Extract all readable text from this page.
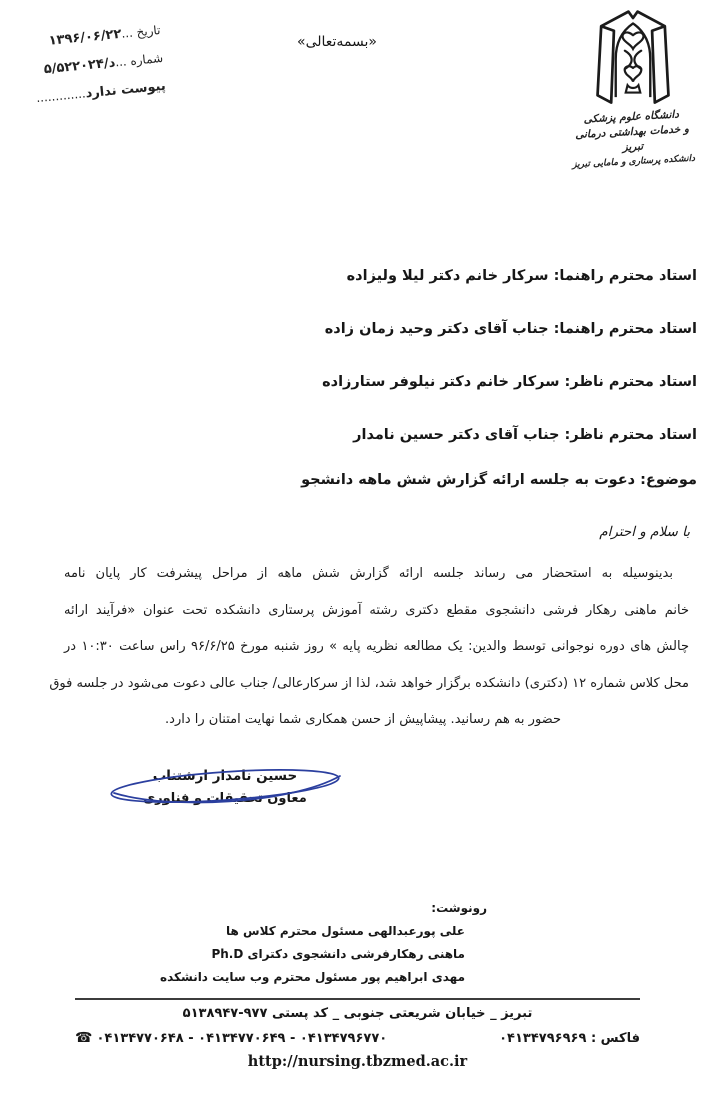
تاریخ ...۱۳۹۶/۰۶/۲۲
شماره ...۵/د/۵۲۲۰۲۴
پیوست ندارد.............
«بسمه‌تعالی»
دانشگاه علوم پزشکی
و خدمات بهداشتی درمانی تبریز
دانشکده پرستاری و مامایی تبریز
استاد محترم راهنما: سرکار خانم دکتر لیلا ولیزاده
استاد محترم راهنما: جناب آقای دکتر وحید زمان زاده
استاد محترم ناظر: سرکار خانم دکتر نیلوفر ستارزاده
استاد محترم ناظر: جناب آقای دکتر حسین نامدار
موضوع: دعوت به جلسه ارائه گزارش شش ماهه دانشجو
با سلام و احترام
بدینوسیله به استحضار می رساند جلسه ارائه گزارش شش ماهه از مراحل پیشرفت کار پایان نامه
خانم ماهنی رهکار فرشی دانشجوی مقطع دکتری رشته آموزش پرستاری دانشکده تحت عنوان «فرآیند ارائه
چالش های دوره نوجوانی توسط والدین: یک مطالعه نظریه پایه » روز شنبه مورخ ۹۶/۶/۲۵ راس ساعت ۱۰:۳۰ در
محل کلاس شماره ۱۲ (دکتری) دانشکده برگزار خواهد شد، لذا از سرکارعالی/ جناب عالی دعوت می‌شود در جلسه فوق
حضور به هم رسانید. پیشاپیش از حسن همکاری شما نهایت امتنان را دارد.
حسین نامدار ارشتناب
معاون تحقیقات و فناوری
رونوشت:
علی پورعبدالهی مسئول محترم کلاس ها
ماهنی رهکارفرشی دانشجوی دکترای Ph.D
مهدی ابراهیم پور مسئول محترم وب سایت دانشکده
تبریز _ خیابان شریعتی جنوبی _ کد پستی ۹۷۷-۵۱۳۸۹۴۷
☎ ۰۴۱۳۴۷۷۰۶۴۸ - ۰۴۱۳۴۷۷۰۶۴۹ - ۰۴۱۳۴۷۹۶۷۷۰	فاکس : ۰۴۱۳۴۷۹۶۹۶۹
http://nursing.tbzmed.ac.ir
